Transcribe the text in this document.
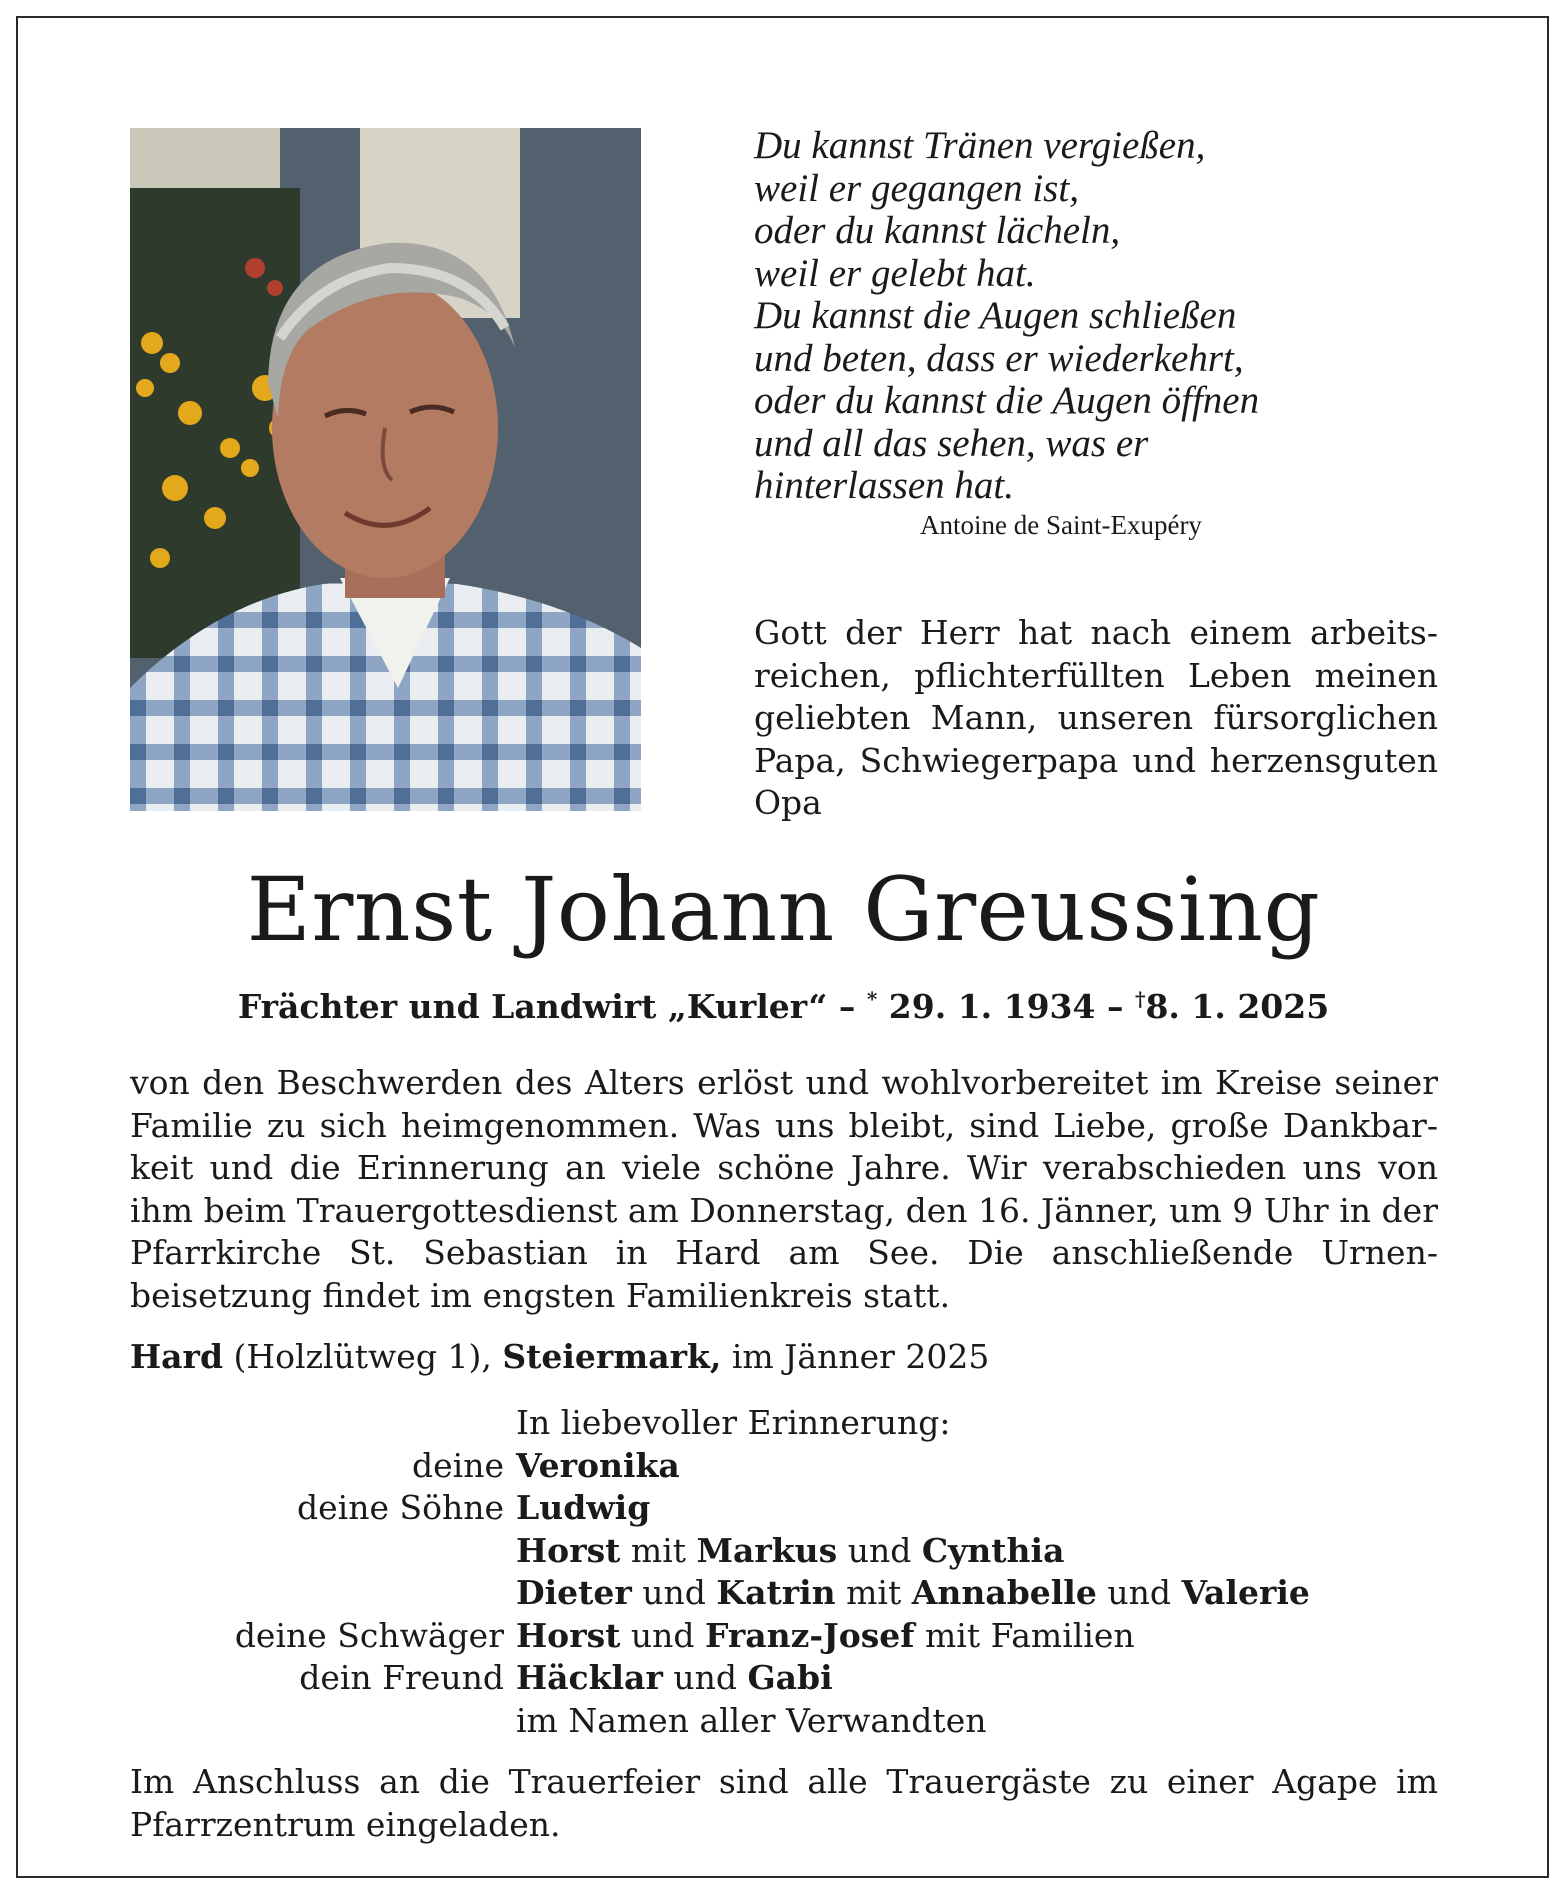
Du kannst Tränen vergießen,
weil er gegangen ist,
oder du kannst lächeln,
weil er gelebt hat.
Du kannst die Augen schließen
und beten, dass er wiederkehrt,
oder du kannst die Augen öffnen
und all das sehen, was er
hinterlassen hat.
Antoine de Saint-Exupéry
Gott der Herr hat nach einem arbeitsreichen, pflichterfüllten Leben meinen geliebten Mann, unseren fürsorglichen Papa, Schwiegerpapa und herzensguten Opa
Ernst Johann Greussing
Frächter und Landwirt „Kurler“ – * 29. 1. 1934 – †8. 1. 2025
von den Beschwerden des Alters erlöst und wohlvorbereitet im Kreise seiner Familie zu sich heimgenommen. Was uns bleibt, sind Liebe, große Dankbarkeit und die Erinnerung an viele schöne Jahre. Wir verabschieden uns von ihm beim Trauergottesdienst am Donnerstag, den 16. Jänner, um 9 Uhr in der Pfarrkirche St. Sebastian in Hard am See. Die anschließende Urnenbeisetzung findet im engsten Familienkreis statt.
Hard (Holzlütweg 1), Steiermark, im Jänner 2025
In liebevoller Erinnerung:
deine Veronika
deine Söhne Ludwig
Horst mit Markus und Cynthia
Dieter und Katrin mit Annabelle und Valerie
deine Schwäger Horst und Franz-Josef mit Familien
dein Freund Häcklar und Gabi
im Namen aller Verwandten
Im Anschluss an die Trauerfeier sind alle Trauergäste zu einer Agape im Pfarrzentrum eingeladen.
